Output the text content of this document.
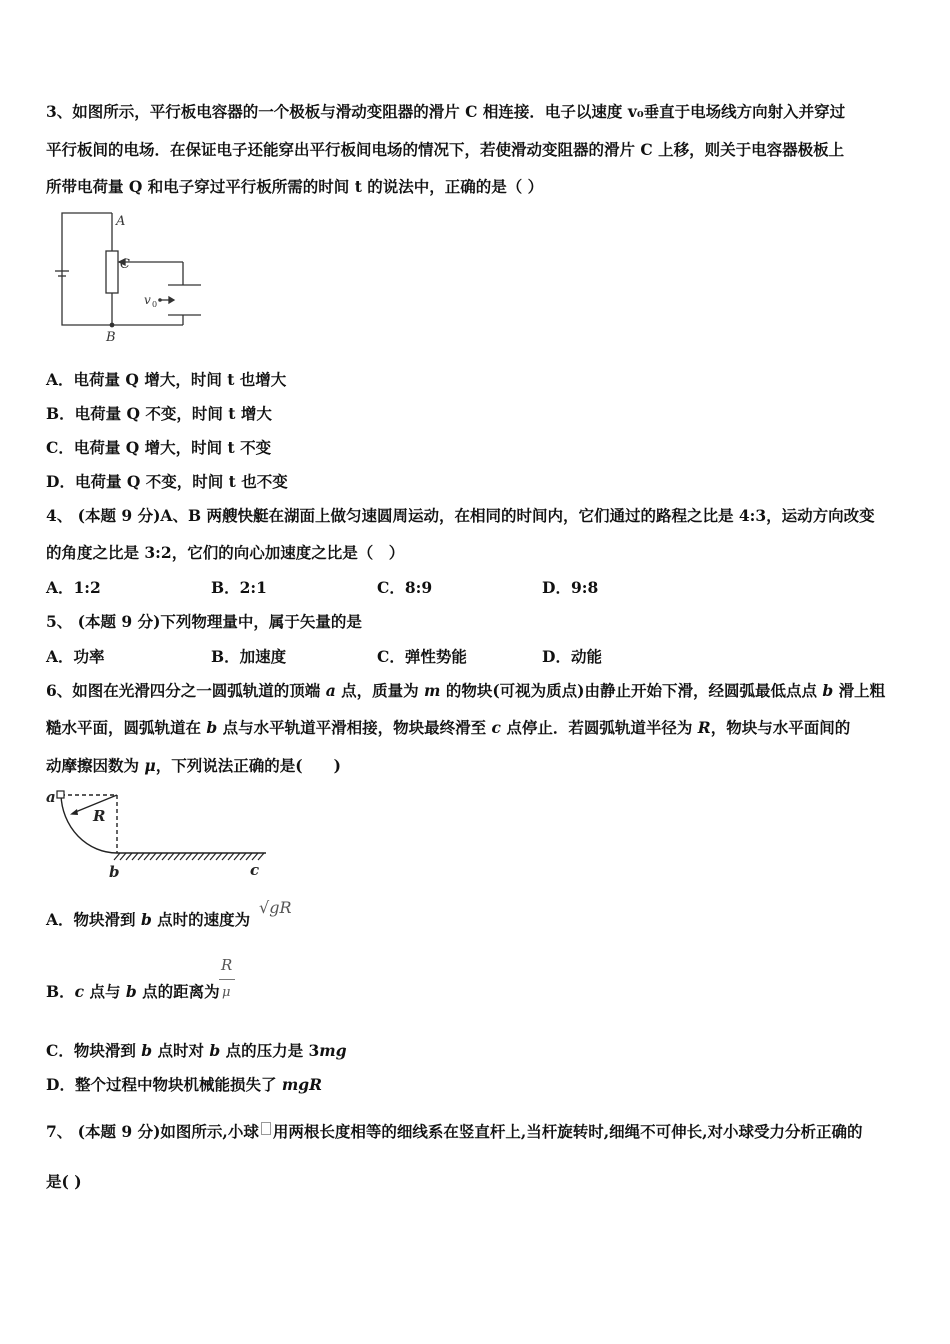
3、如图所示，平行板电容器的一个极板与滑动变阻器的滑片 C 相连接．电子以速度 v₀垂直于电场线方向射入并穿过
平行板间的电场．在保证电子还能穿出平行板间电场的情况下，若使滑动变阻器的滑片 C 上移，则关于电容器极板上
所带电荷量 Q 和电子穿过平行板所需的时间 t 的说法中，正确的是（ ）
A
C
B
v 0
A．电荷量 Q 增大，时间 t 也增大
B．电荷量 Q 不变，时间 t 增大
C．电荷量 Q 增大，时间 t 不变
D．电荷量 Q 不变，时间 t 也不变
4、 (本题 9 分)A、B 两艘快艇在湖面上做匀速圆周运动，在相同的时间内，它们通过的路程之比是 4:3，运动方向改变
的角度之比是 3:2，它们的向心加速度之比是（　）
A．1:2	B．2:1	C．8:9	D．9:8
5、 (本题 9 分)下列物理量中，属于矢量的是
A．功率	B．加速度	C．弹性势能	D．动能
6、如图在光滑四分之一圆弧轨道的顶端 a 点，质量为 m 的物块(可视为质点)由静止开始下滑，经圆弧最低点点 b 滑上粗
糙水平面，圆弧轨道在 b 点与水平轨道平滑相接，物块最终滑至 c 点停止．若圆弧轨道半径为 R，物块与水平面间的
动摩擦因数为 μ，下列说法正确的是(　　)
a
R
b	c
A．物块滑到 b 点时的速度为
√gR
B．c 点与 b 点的距离为
R
μ
C．物块滑到 b 点时对 b 点的压力是 3mg
D．整个过程中物块机械能损失了 mgR
7、 (本题 9 分)如图所示,小球 用两根长度相等的细线系在竖直杆上,当杆旋转时,细绳不可伸长,对小球受力分析正确的
是( )
